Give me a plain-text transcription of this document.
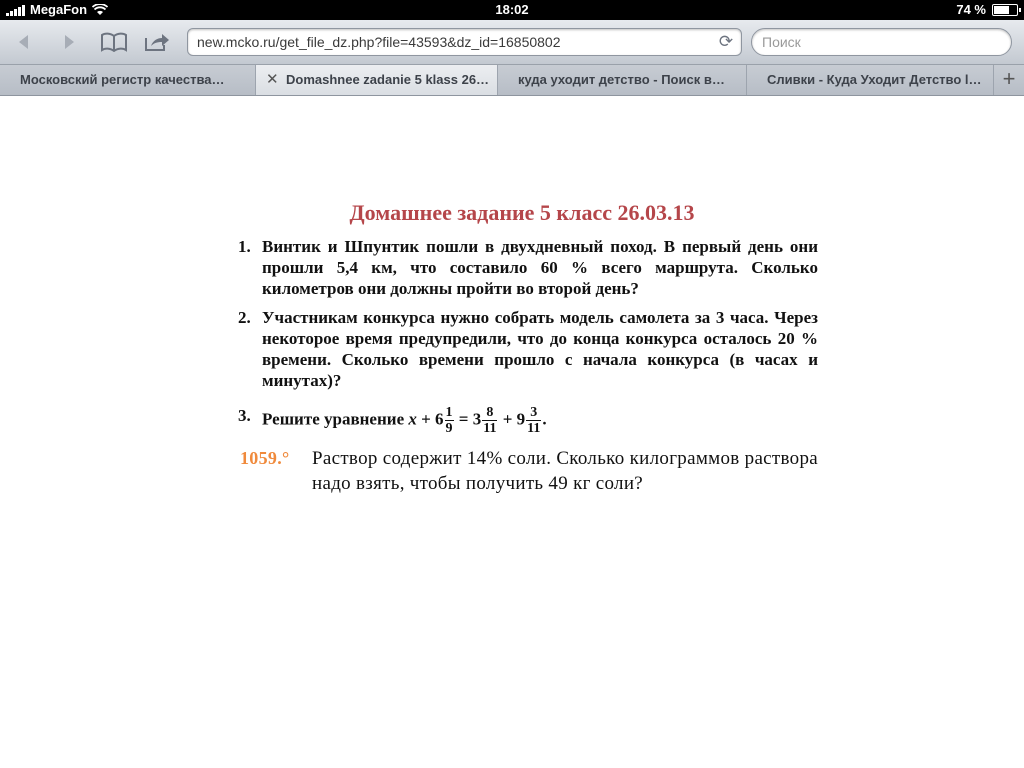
MegaFon	18:02	74 %
new.mcko.ru/get_file_dz.php?file=43593&dz_id=16850802	⟳
Поиск
Московский регистр качества…	✕ Domashnee zadanie 5 klass 26…	куда уходит детство - Поиск в…	Сливки - Куда Уходит Детство l… +
Домашнее задание 5 класс 26.03.13
1. Винтик и Шпунтик пошли в двухдневный поход. В первый день они прошли 5,4 км, что составило 60 % всего маршрута. Сколько километров они должны пройти во второй день?
2. Участникам конкурса нужно собрать модель самолета за 3 часа. Через некоторое время предупредили, что до конца конкурса осталось 20 % времени. Сколько времени прошло с начала конкурса (в часах и минутах)?
3. Решите уравнение $x + 6 \frac{1}{9} = 3 \frac{8}{11} + 9 \frac{3}{11}$ .
1059.° Раствор содержит 14% соли. Сколько килограммов раствора надо взять, чтобы получить 49 кг соли?
